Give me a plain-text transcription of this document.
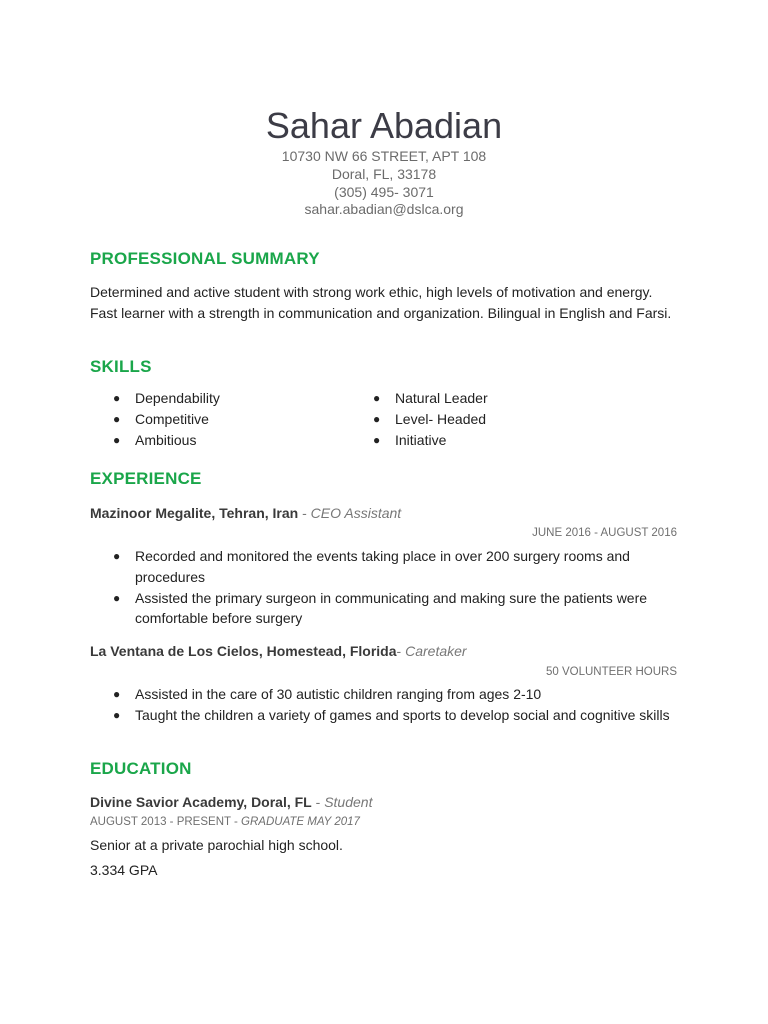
Sahar Abadian
10730 NW 66 STREET, APT 108
Doral, FL, 33178
(305) 495- 3071
sahar.abadian@dslca.org
PROFESSIONAL SUMMARY
Determined and active student with strong work ethic, high levels of motivation and energy.
Fast learner with a strength in communication and organization. Bilingual in English and Farsi.
SKILLS
● Dependability
● Competitive
● Ambitious
● Natural Leader
● Level- Headed
● Initiative
EXPERIENCE
Mazinoor Megalite, Tehran, Iran - CEO Assistant
JUNE 2016 - AUGUST 2016
● Recorded and monitored the events taking place in over 200 surgery rooms and
procedures
● Assisted the primary surgeon in communicating and making sure the patients were
comfortable before surgery
La Ventana de Los Cielos, Homestead, Florida- Caretaker
50 VOLUNTEER HOURS
● Assisted in the care of 30 autistic children ranging from ages 2-10
● Taught the children a variety of games and sports to develop social and cognitive skills
EDUCATION
Divine Savior Academy, Doral, FL - Student
AUGUST 2013 - PRESENT - GRADUATE MAY 2017
Senior at a private parochial high school.
3.334 GPA
